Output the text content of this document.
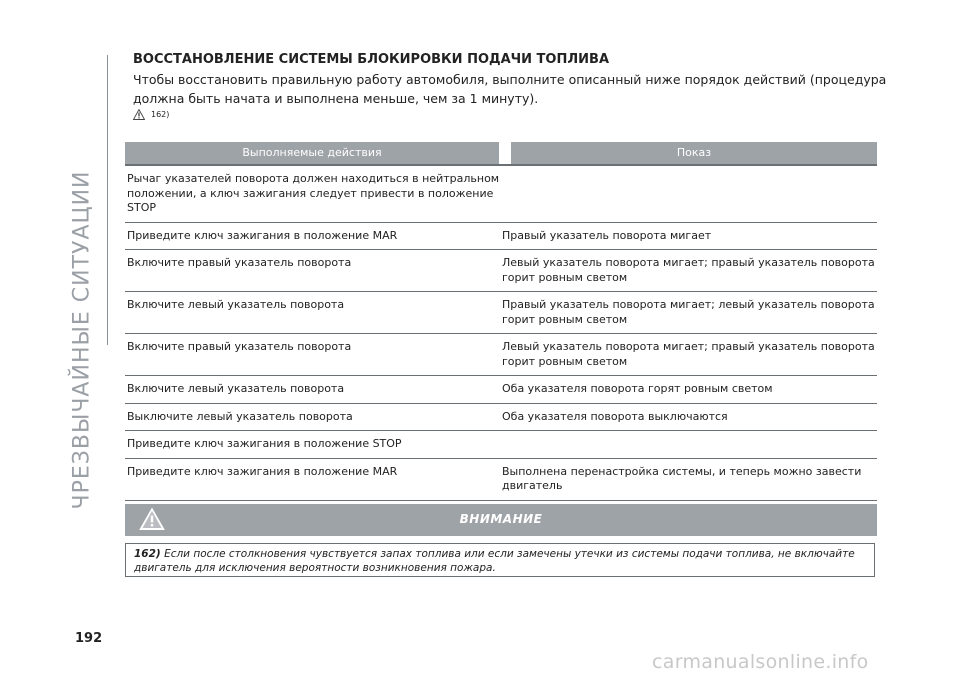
ЧРЕЗВЫЧАЙНЫЕ СИТУАЦИИ
ВОССТАНОВЛЕНИЕ СИСТЕМЫ БЛОКИРОВКИ ПОДАЧИ ТОПЛИВА
Чтобы восстановить правильную работу автомобиля, выполните описанный ниже порядок действий (процедура должна быть начата и выполнена меньше, чем за 1 минуту).
162)
Выполняемые действия	Показ
Рычаг указателей поворота должен находиться в нейтральном положении, а ключ зажигания следует привести в положение STOP
Приведите ключ зажигания в положение MAR	Правый указатель поворота мигает
Включите правый указатель поворота	Левый указатель поворота мигает; правый указатель поворота горит ровным светом
Включите левый указатель поворота	Правый указатель поворота мигает; левый указатель поворота горит ровным светом
Включите правый указатель поворота	Левый указатель поворота мигает; правый указатель поворота горит ровным светом
Включите левый указатель поворота	Оба указателя поворота горят ровным светом
Выключите левый указатель поворота	Оба указателя поворота выключаются
Приведите ключ зажигания в положение STOP
Приведите ключ зажигания в положение MAR	Выполнена перенастройка системы, и теперь можно завести двигатель
ВНИМАНИЕ
162) Если после столкновения чувствуется запах топлива или если замечены утечки из системы подачи топлива, не включайте двигатель для исключения вероятности возникновения пожара.
192
carmanualsonline.info
